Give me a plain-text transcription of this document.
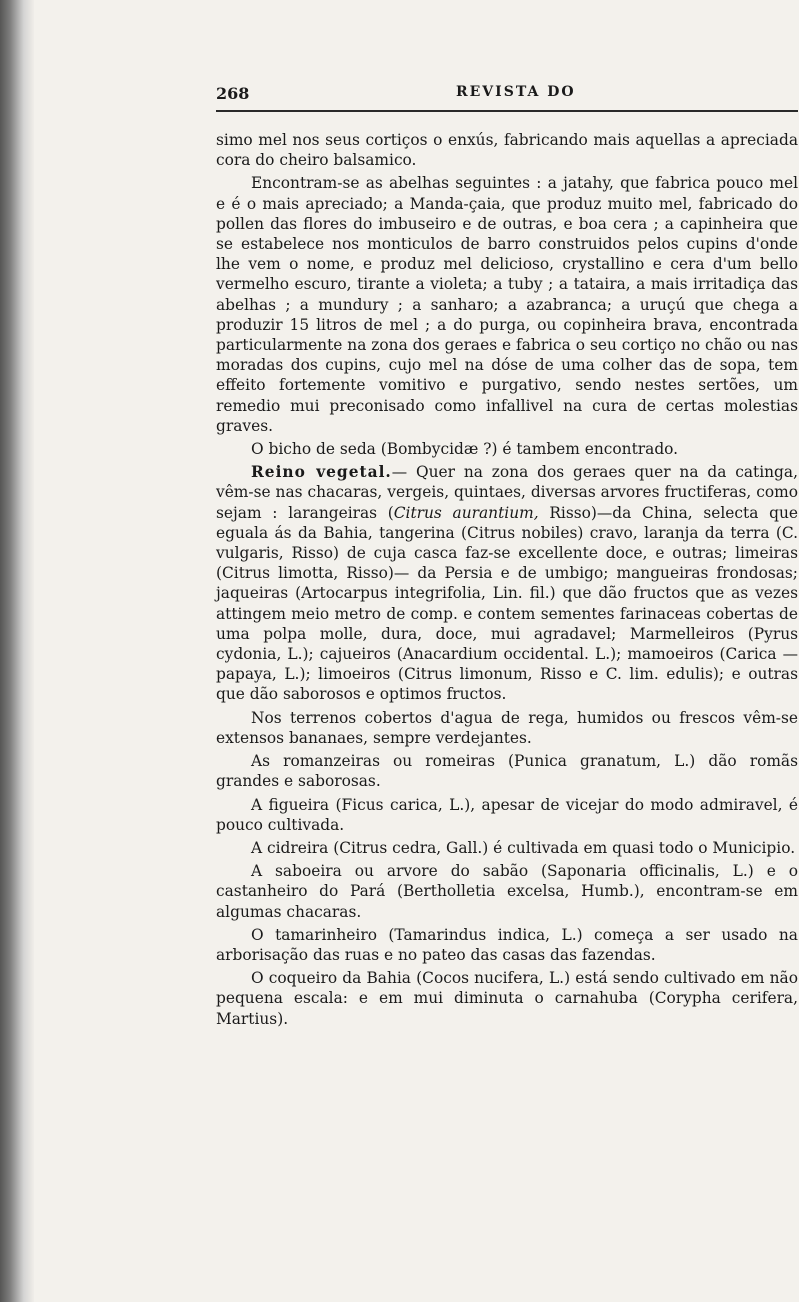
268	REVISTA DO

simo mel nos seus cortiços o enxús, fabricando mais aquellas a apreciada cora do cheiro balsamico.

Encontram-se as abelhas seguintes : a jatahy, que fabrica pouco mel e é o mais apreciado; a Manda-çaia, que produz muito mel, fabricado do pollen das flores do imbuseiro e de outras, e boa cera ; a capinheira que se estabelece nos monticulos de barro construidos pelos cupins d'onde lhe vem o nome, e produz mel delicioso, crystallino e cera d'um bello vermelho escuro, tirante a violeta; a tuby ; a tataira, a mais irritadiça das abelhas ; a mundury ; a sanharo; a azabranca; a uruçú que chega a produzir 15 litros de mel ; a do purga, ou copinheira brava, encontrada particularmente na zona dos geraes e fabrica o seu cortiço no chão ou nas moradas dos cupins, cujo mel na dóse de uma colher das de sopa, tem effeito fortemente vomitivo e purgativo, sendo nestes sertões, um remedio mui preconisado como infallivel na cura de certas molestias graves.

O bicho de seda (Bombycidæ ?) é tambem encontrado.

Reino vegetal.— Quer na zona dos geraes quer na da catinga, vêm-se nas chacaras, vergeis, quintaes, diversas arvores fructiferas, como sejam : larangeiras (Citrus aurantium, Risso)—da China, selecta que eguala ás da Bahia, tangerina (Citrus nobiles) cravo, laranja da terra (C. vulgaris, Risso) de cuja casca faz-se excellente doce, e outras; limeiras (Citrus limotta, Risso)— da Persia e de umbigo; mangueiras frondosas; jaqueiras (Artocarpus integrifolia, Lin. fil.) que dão fructos que as vezes attingem meio metro de comp. e contem sementes farinaceas cobertas de uma polpa molle, dura, doce, mui agradavel; Marmelleiros (Pyrus cydonia, L.); cajueiros (Anacardium occidental. L.); mamoeiros (Carica — papaya, L.); limoeiros (Citrus limonum, Risso e C. lim. edulis); e outras que dão saborosos e optimos fructos.

Nos terrenos cobertos d'agua de rega, humidos ou frescos vêm-se extensos bananaes, sempre verdejantes.

As romanzeiras ou romeiras (Punica granatum, L.) dão romãs grandes e saborosas.

A figueira (Ficus carica, L.), apesar de vicejar do modo admiravel, é pouco cultivada.

A cidreira (Citrus cedra, Gall.) é cultivada em quasi todo o Municipio.

A saboeira ou arvore do sabão (Saponaria officinalis, L.) e o castanheiro do Pará (Bertholletia excelsa, Humb.), encontram-se em algumas chacaras.

O tamarinheiro (Tamarindus indica, L.) começa a ser usado na arborisação das ruas e no pateo das casas das fazendas.

O coqueiro da Bahia (Cocos nucifera, L.) está sendo cultivado em não pequena escala: e em mui diminuta o carnahuba (Corypha cerifera, Martius).
